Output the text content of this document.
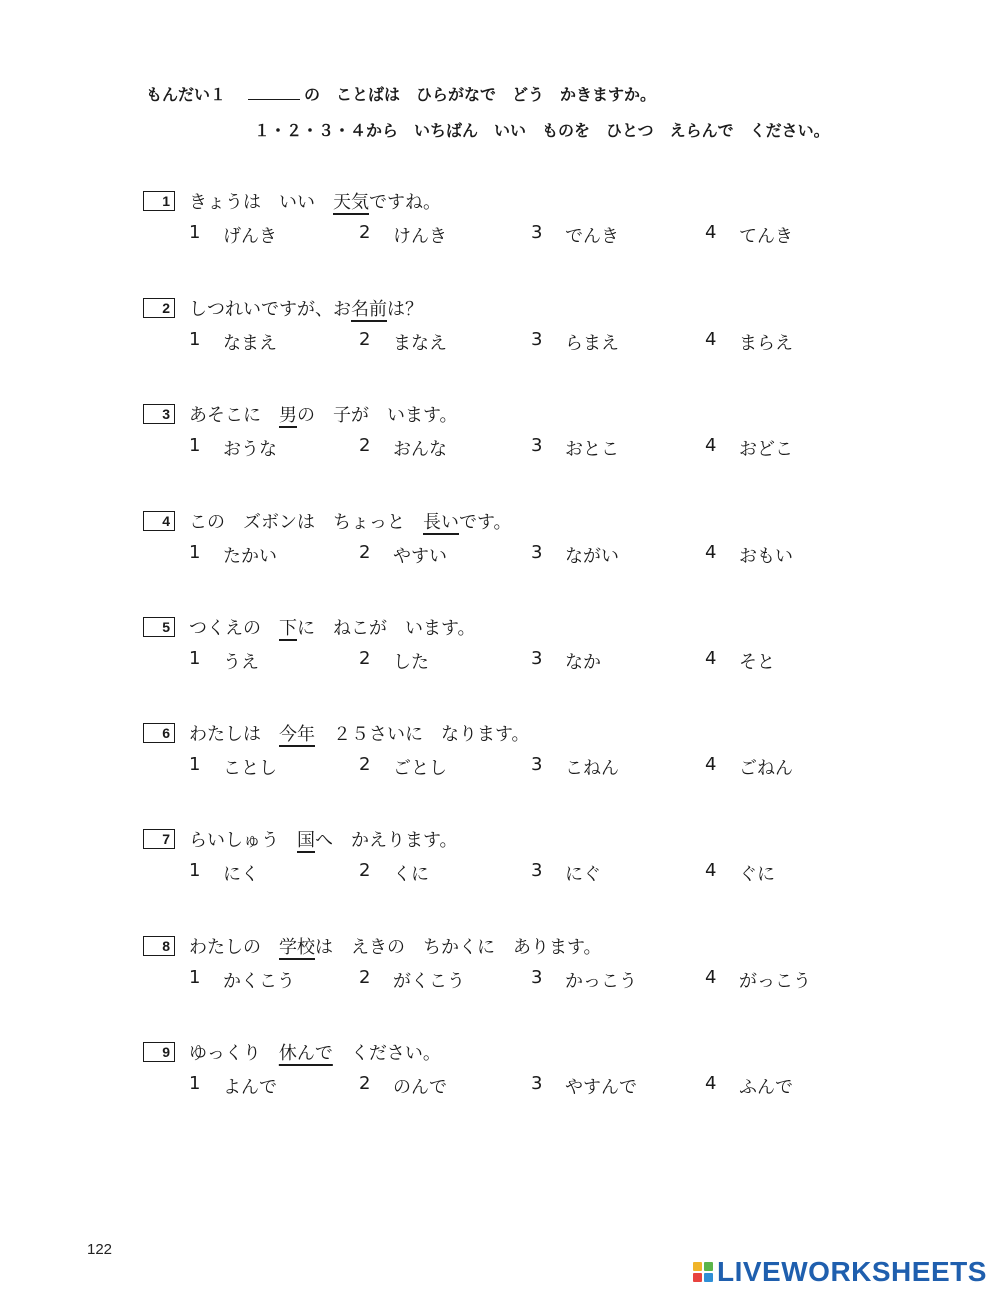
もんだい１	の　ことばは　ひらがなで　どう　かきますか。
１・２・３・４から　いちばん　いい　ものを　ひとつ　えらんで　ください。
1 きょうは　いい　 天気 ですね。
1	げんき	2	けんき	3	でんき	4	てんき
2 しつれいですが、お 名前 は？
1	なまえ	2	まなえ	3	らまえ	4	まらえ
3 あそこに　 男 の　子が　います。
1	おうな	2	おんな	3	おとこ	4	おどこ
4 この　ズボンは　ちょっと　 長い です。
1	たかい	2	やすい	3	ながい	4	おもい
5 つくえの　 下 に　ねこが　います。
1	うえ	2	した	3	なか	4	そと
6 わたしは　 今年 　２５さいに　なります。
1	ことし	2	ごとし	3	こねん	4	ごねん
7 らいしゅう　 国 へ　かえります。
1	にく	2	くに	3	にぐ	4	ぐに
8 わたしの　 学校 は　えきの　ちかくに　あります。
1	かくこう	2	がくこう	3	かっこう	4	がっこう
9 ゆっくり　 休んで 　ください。
1	よんで	2	のんで	3	やすんで	4	ふんで
122
LIVEWORKSHEETS
